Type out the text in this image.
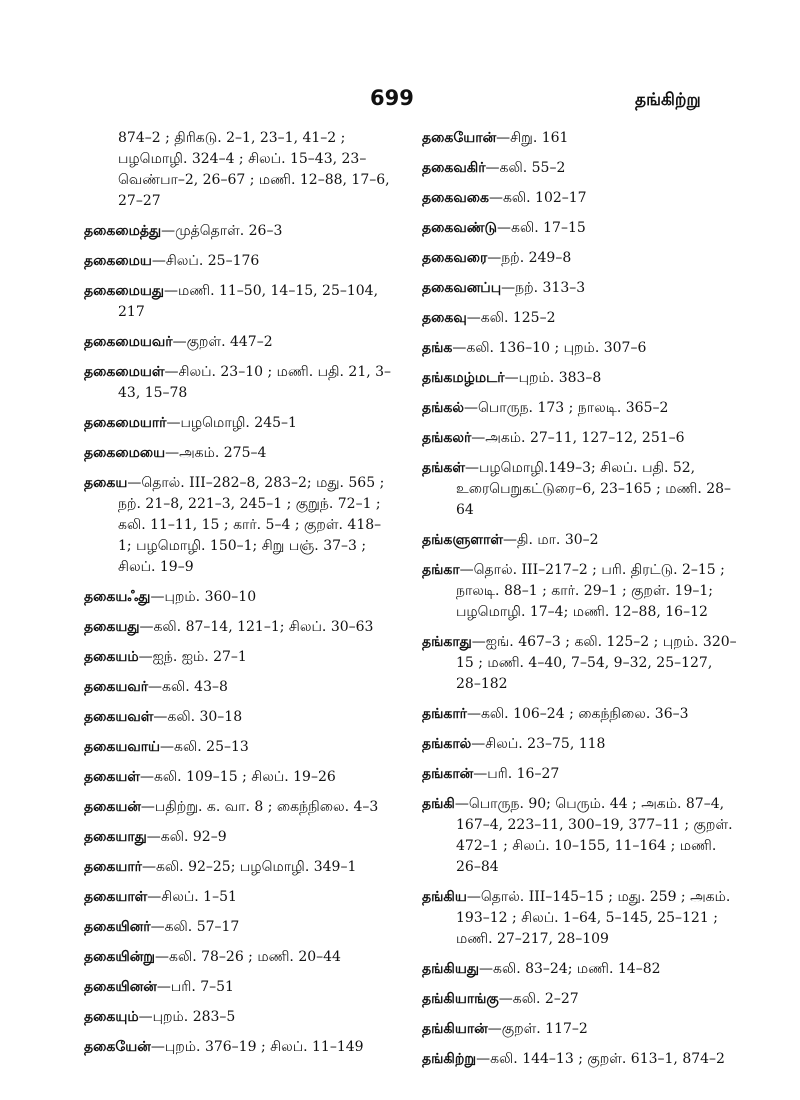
699	தங்கிற்று
874–2 ; திரிகடு. 2–1, 23–1, 41–2 ; பழமொழி. 324–4 ; சிலப். 15–43, 23–வெண்பா–2, 26–67 ; மணி. 12–88, 17–6, 27–27
தகைமைத்து—முத்தொள். 26–3
தகைமைய—சிலப். 25–176
தகைமையது—மணி. 11–50, 14–15, 25–104, 217
தகைமையவர்—குறள். 447–2
தகைமையள்—சிலப். 23–10 ; மணி. பதி. 21, 3–43, 15–78
தகைமையார்—பழமொழி. 245–1
தகைமையை—அகம். 275–4
தகைய—தொல். III–282–8, 283–2; மது. 565 ; நற். 21–8, 221–3, 245–1 ; குறுந். 72–1 ; கலி. 11–11, 15 ; கார். 5–4 ; குறள். 418–1; பழமொழி. 150–1; சிறு பஞ். 37–3 ; சிலப். 19–9
தகையஃது—புறம். 360–10
தகையது—கலி. 87–14, 121–1; சிலப். 30–63
தகையம்—ஐந். ஐம். 27–1
தகையவர்—கலி. 43–8
தகையவள்—கலி. 30–18
தகையவாய்—கலி. 25–13
தகையள்—கலி. 109–15 ; சிலப். 19–26
தகையன்—பதிற்று. க. வா. 8 ; கைந்நிலை. 4–3
தகையாது—கலி. 92–9
தகையார்—கலி. 92–25; பழமொழி. 349–1
தகையாள்—சிலப். 1–51
தகையினர்—கலி. 57–17
தகையின்று—கலி. 78–26 ; மணி. 20–44
தகையினன்—பரி. 7–51
தகையும்—புறம். 283–5
தகையேன்—புறம். 376–19 ; சிலப். 11–149
தகையோன்—சிறு. 161
தகைவகிர்—கலி. 55–2
தகைவகை—கலி. 102–17
தகைவண்டு—கலி. 17–15
தகைவரை—நற். 249–8
தகைவனப்பு—நற். 313–3
தகைவு—கலி. 125–2
தங்க—கலி. 136–10 ; புறம். 307–6
தங்கமழ்மடர்—புறம். 383–8
தங்கல்—பொருந. 173 ; நாலடி. 365–2
தங்கலர்—அகம். 27–11, 127–12, 251–6
தங்கள்—பழமொழி.149–3; சிலப். பதி. 52, உரைபெறுகட்டுரை–6, 23–165 ; மணி. 28–64
தங்களுளாள்—தி. மா. 30–2
தங்கா—தொல். III–217–2 ; பரி. திரட்டு. 2–15 ; நாலடி. 88–1 ; கார். 29–1 ; குறள். 19–1; பழமொழி. 17–4; மணி. 12–88, 16–12
தங்காது—ஐங். 467–3 ; கலி. 125–2 ; புறம். 320–15 ; மணி. 4–40, 7–54, 9–32, 25–127, 28–182
தங்கார்—கலி. 106–24 ; கைந்நிலை. 36–3
தங்கால்—சிலப். 23–75, 118
தங்கான்—பரி. 16–27
தங்கி—பொருந. 90; பெரும். 44 ; அகம். 87–4, 167–4, 223–11, 300–19, 377–11 ; குறள். 472–1 ; சிலப். 10–155, 11–164 ; மணி. 26–84
தங்கிய—தொல். III–145–15 ; மது. 259 ; அகம். 193–12 ; சிலப். 1–64, 5–145, 25–121 ; மணி. 27–217, 28–109
தங்கியது—கலி. 83–24; மணி. 14–82
தங்கியாங்கு—கலி. 2–27
தங்கியான்—குறள். 117–2
தங்கிற்று—கலி. 144–13 ; குறள். 613–1, 874–2
